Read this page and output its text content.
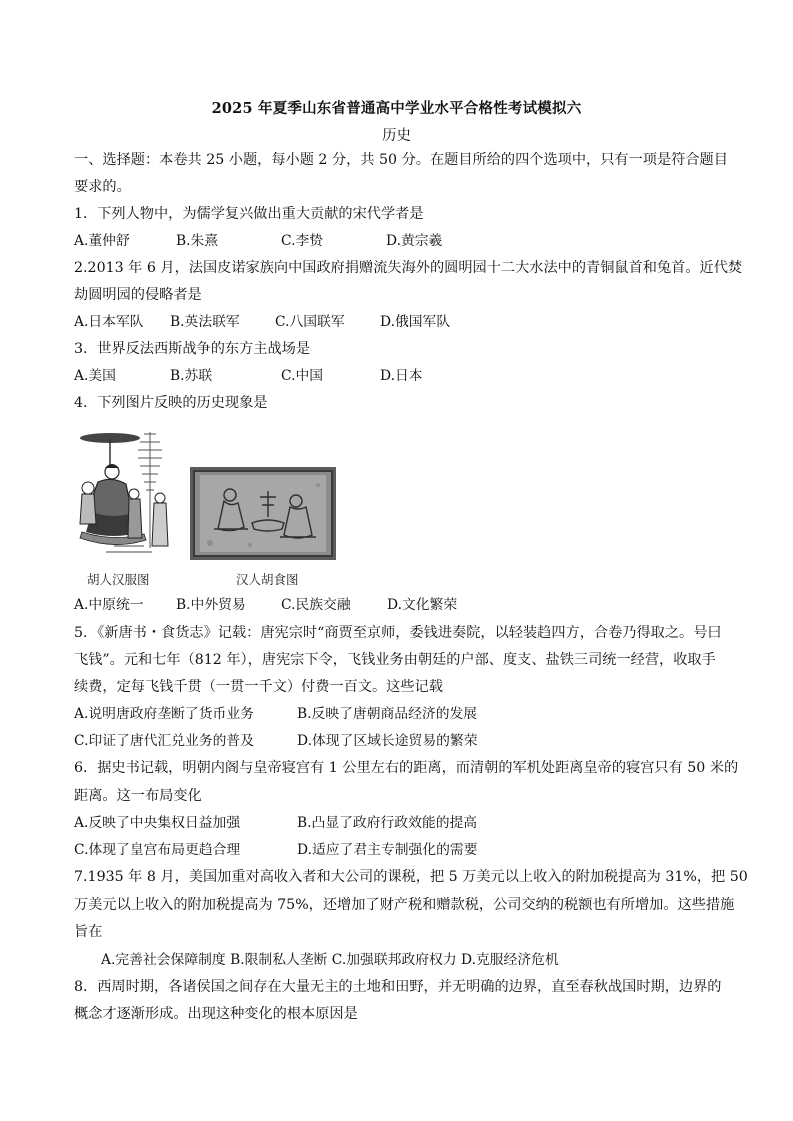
2025 年夏季山东省普通高中学业水平合格性考试模拟六
历史
一、选择题：本卷共 25 小题，每小题 2 分，共 50 分。在题目所给的四个选项中，只有一项是符合题目
要求的。
1．下列人物中，为儒学复兴做出重大贡献的宋代学者是
A.董仲舒	B.朱熹	C.李贽	D.黄宗羲
2.2013 年 6 月，法国皮诺家族向中国政府捐赠流失海外的圆明园十二大水法中的青铜鼠首和兔首。近代焚
劫圆明园的侵略者是
A.日本军队 B.英法联军	C.八国联军	D.俄国军队
3．世界反法西斯战争的东方主战场是
A.美国	B.苏联	C.中国	D.日本
4．下列图片反映的历史现象是
胡人汉服图	汉人胡食图
A.中原统一 B.中外贸易	C.民族交融	D.文化繁荣
5．《新唐书・食货志》记载：唐宪宗时“商贾至京师，委钱进奏院，以轻装趋四方，合卷乃得取之。号曰
飞钱”。元和七年（812 年），唐宪宗下令，飞钱业务由朝廷的户部、度支、盐铁三司统一经营，收取手
续费，定每飞钱千贯（一贯一千文）付费一百文。这些记载
A.说明唐政府垄断了货币业务	B.反映了唐朝商品经济的发展
C.印证了唐代汇兑业务的普及	D.体现了区域长途贸易的繁荣
6．据史书记载，明朝内阁与皇帝寝宫有 1 公里左右的距离，而清朝的军机处距离皇帝的寝宫只有 50 米的
距离。这一布局变化
A.反映了中央集权日益加强	B.凸显了政府行政效能的提高
C.体现了皇宫布局更趋合理	D.适应了君主专制强化的需要
7.1935 年 8 月，美国加重对高收入者和大公司的课税，把 5 万美元以上收入的附加税提高为 31%，把 50
万美元以上收入的附加税提高为 75%，还增加了财产税和赠款税，公司交纳的税额也有所增加。这些措施
旨在
A.完善社会保障制度 B.限制私人垄断 C.加强联邦政府权力 D.克服经济危机
8．西周时期，各诸侯国之间存在大量无主的土地和田野，并无明确的边界，直至春秋战国时期，边界的
概念才逐渐形成。出现这种变化的根本原因是
